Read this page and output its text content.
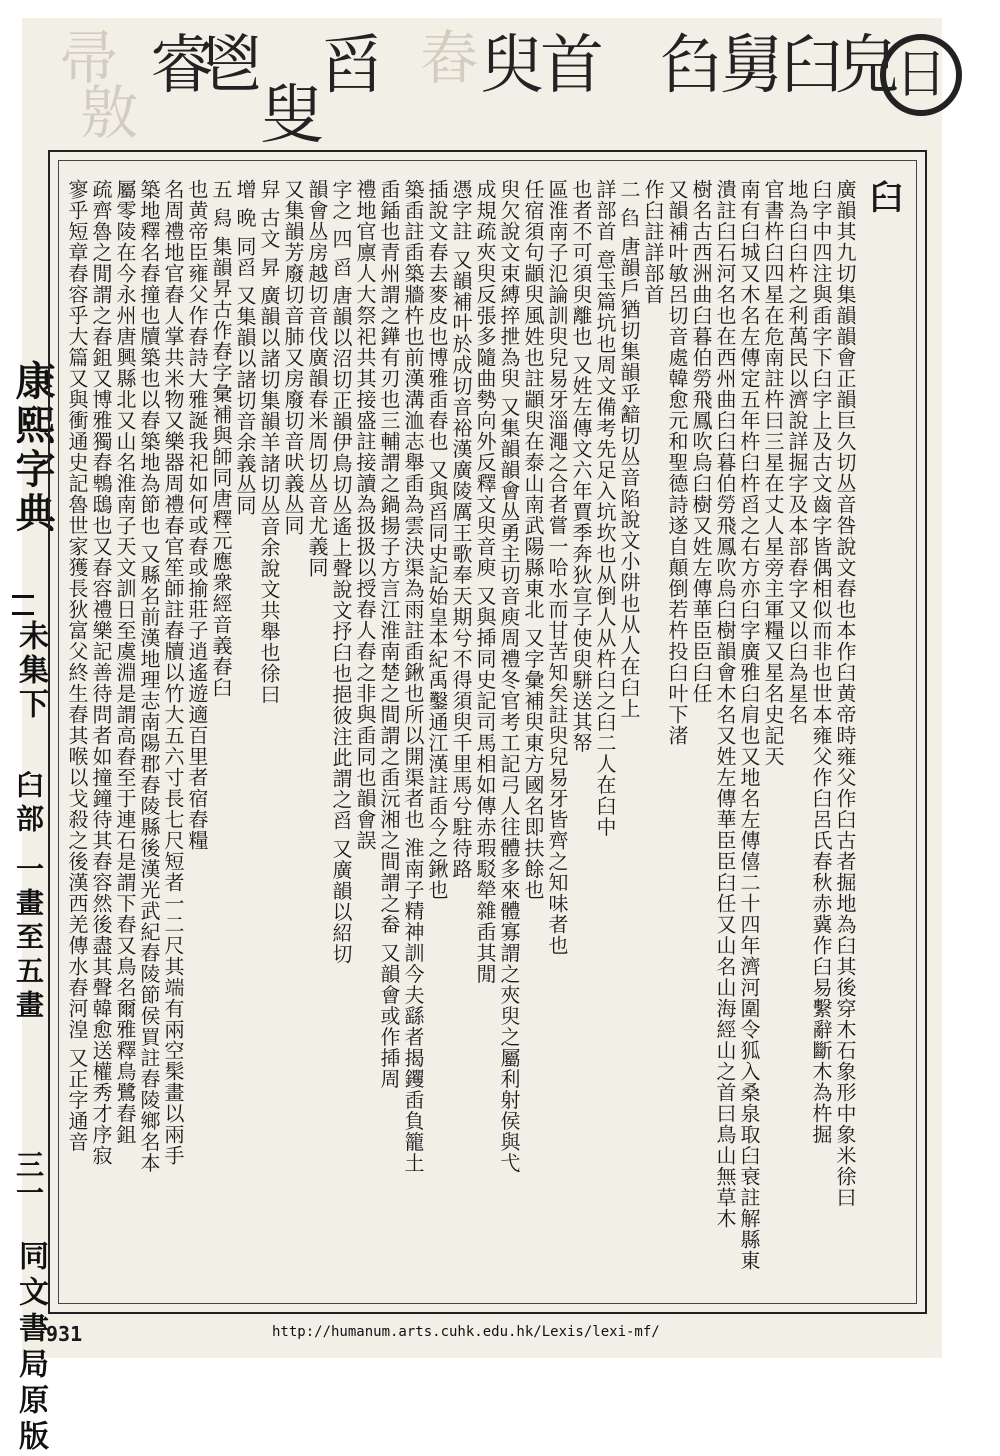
日
皃
臼
舅
臽
首
臾
舀
叟
鬯
睿
帚
敫
舂
康熙字典
未集下
臼部 一畫至五畫
三一
同文書局原版
臼
廣韻其九切集韻韻會正韻巨久切丛音咎說文舂也本作臼黄帝時雍父作臼古者掘地為臼其後穿木石象形中象米徐曰
臼字中四注與臿字下臼字上及古文齒字皆偶相似而非也世本雍父作臼呂氏春秋赤冀作臼易繫辭斷木為杵掘
地為臼臼杵之利萬民以濟說詳掘字及本部舂字又以臼為星名
官書杵臼四星在危南註杵曰三星在丈人星旁主軍糧又星名史記天
南有臼城又木名左傳定五年杵臼杵舀之右方亦臼字廣雅臼肩也又地名左傳僖二十四年濟河圍令狐入桑泉取臼衰註解縣東
潰註臼石河名也在西州曲臼臼暮伯勞飛鳳吹烏臼樹韻會木名又姓左傳華臣臣臼任又山名山海經山之首曰鳥山無草木
樹名古西洲曲臼暮伯勞飛鳳吹烏臼樹又姓左傳華臣臣臼任
又韻補叶敏呂切音處韓愈元和聖德詩遂自顛倒若杵投臼叶下渚
作臼註詳部首
二 臽 唐韻戶猶切集韻乎韽切丛音陷說文小阱也从人在臼上
詳部首 意玉篇坑也周文備考先足入坑坎也从倒人从杵臼之臼二人在臼中
也者不可須臾離也 又姓左傳文六年賈季奔狄宣子使臾駢送其帑
區淮南子氾論訓臾兒易牙淄澠之合者嘗一哈水而甘苦知矣註臾兒易牙皆齊之知味者也
任宿須句顓臾風姓也註顓臾在泰山南武陽縣東北 又字彙補臾東方國名即扶餘也
臾欠說文束縛捽抴為臾 又集韻韻會丛勇主切音庾周禮冬官考工記弓人往體多來體寡謂之夾臾之屬利射侯與弋
成規疏夾臾反張多隨曲勢向外反釋文臾音庾 又與揷同史記司馬相如傳赤瑕駁犖雜臿其閒
憑字註 又韻補叶於成切音裕漢廣陵厲王歌奉天期兮不得須臾千里馬兮駐待路
插說文春去麥皮也博雅臿舂也 又與舀同史記始皇本紀禹鑿通江漢註臿今之鍬也
築臿註臿築牆杵也前漢溝洫志舉臿為雲決渠為雨註臿鍬也所以開渠者也 淮南子精神訓今夫繇者揭钁臿負籠土
臿鍤也青州謂之鏵有刃也三輔謂之鍋揚子方言江淮南楚之間謂之臿沅湘之間謂之畚 又韻會或作揷周
禮地官廪人大祭祀共其接盛註接讀為扱扱以授舂人舂之非與臿同也韻會誤
字之 四 舀 唐韻以沼切正韻伊鳥切丛遙上聲說文抒臼也挹彼注此謂之舀 又廣韻以紹切
韻會丛房越切音伐廣韻春米周切丛音尤義同
又集韻芳廢切音肺又房廢切音吠義丛同
舁 古文 昇 廣韻以諸切集韻羊諸切丛音余說文共舉也徐曰
增 晩 同舀 又集韻以諸切音余義丛同
五 舄 集韻昇古作舂字彙補與師同唐釋元應衆經音義舂臼
也黄帝臣雍父作舂詩大雅誕我祀如何或舂或揄莊子逍遙遊適百里者宿舂糧
名周禮地官舂人掌共米物又樂器周禮春官笙師註舂牘以竹大五六寸長七尺短者一二尺其端有兩空髤畫以兩手
築地釋名舂撞也牘築也以舂築地為節也 又縣名前漢地理志南陽郡舂陵縣後漢光武紀舂陵節侯買註舂陵鄉名本
屬零陵在今永州唐興縣北又山名淮南子天文訓日至虞淵是謂高舂至于連石是謂下舂又鳥名爾雅釋鳥鷺舂鉏
疏齊魯之閒謂之舂鉏又博雅獨舂鵯鴟也又舂容禮樂記善待問者如撞鐘待其舂容然後盡其聲韓愈送權秀才序寂
寥乎短章舂容乎大篇又與衝通史記魯世家獲長狄富父終生舂其喉以戈殺之後漢西羌傳水舂河湟 又正字通音
931	http://humanum.arts.cuhk.edu.hk/Lexis/lexi-mf/
